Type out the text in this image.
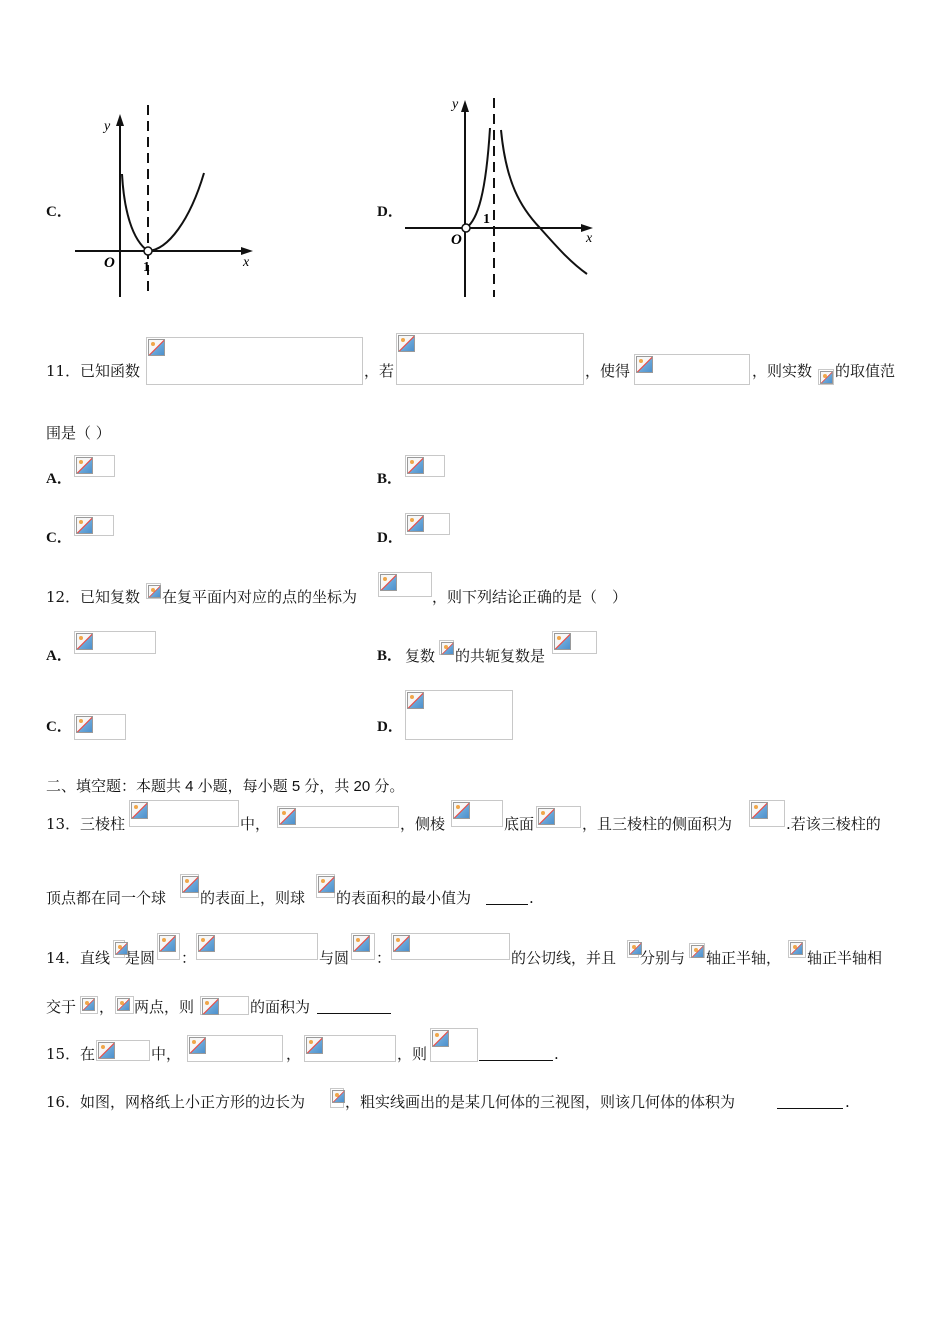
C．
y
x
O 1
D．
y
x
O
1
11． 已知函数	，若	，使得	，则实数 的取值范
围是（ ）
A．	B．
C．	D．
12． 已知复数 在复平面内对应的点的坐标为	，则下列结论正确的是（　）
A．	B． 复数 的共轭复数是
C．	D．
二、填空题：本题共 4 小题，每小题 5 分，共 20 分。
13． 三棱柱	中，	，侧棱	底面	，且三棱柱的侧面积为	.若该三棱柱的
顶点都在同一个球 的表面上，则球 的表面积的最小值为	.
14． 直线 是圆 ：	与圆 ：	的公切线，并且 分别与 轴正半轴， 轴正半轴相
交于 ， 两点，则	的面积为
15． 在	中，	，	，则	.
16． 如图，网格纸上小正方形的边长为	，粗实线画出的是某几何体的三视图，则该几何体的体积为	.
